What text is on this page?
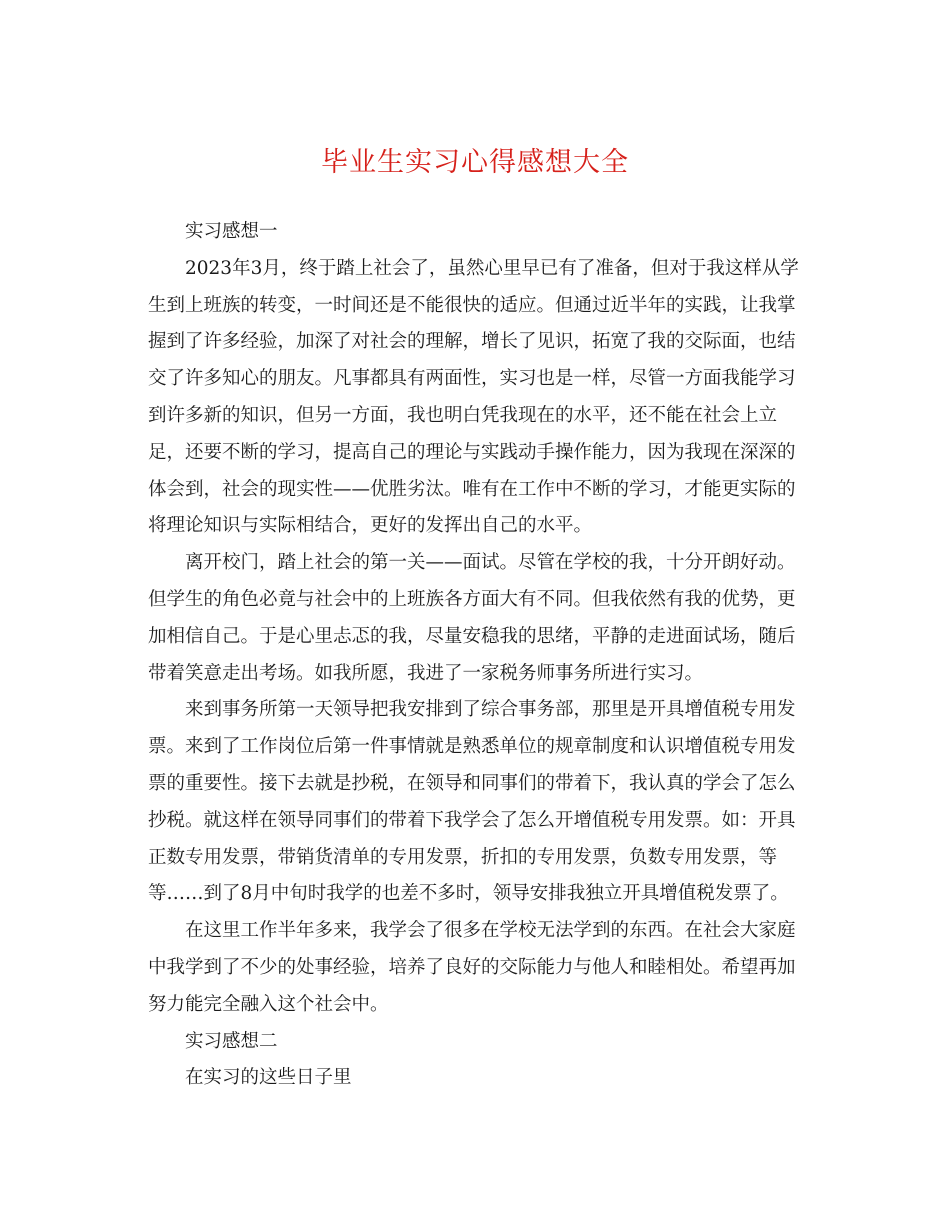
毕业生实习心得感想大全

实习感想一

2023年3月，终于踏上社会了，虽然心里早已有了准备，但对于我这样从学生到上班族的转变，一时间还是不能很快的适应。但通过近半年的实践，让我掌握到了许多经验，加深了对社会的理解，增长了见识，拓宽了我的交际面，也结交了许多知心的朋友。凡事都具有两面性，实习也是一样，尽管一方面我能学习到许多新的知识，但另一方面，我也明白凭我现在的水平，还不能在社会上立足，还要不断的学习，提高自己的理论与实践动手操作能力，因为我现在深深的体会到，社会的现实性——优胜劣汰。唯有在工作中不断的学习，才能更实际的将理论知识与实际相结合，更好的发挥出自己的水平。

离开校门，踏上社会的第一关——面试。尽管在学校的我，十分开朗好动。但学生的角色必竟与社会中的上班族各方面大有不同。但我依然有我的优势，更加相信自己。于是心里忐忑的我，尽量安稳我的思绪，平静的走进面试场，随后带着笑意走出考场。如我所愿，我进了一家税务师事务所进行实习。

来到事务所第一天领导把我安排到了综合事务部，那里是开具增值税专用发票。来到了工作岗位后第一件事情就是熟悉单位的规章制度和认识增值税专用发票的重要性。接下去就是抄税，在领导和同事们的带着下，我认真的学会了怎么抄税。就这样在领导同事们的带着下我学会了怎么开增值税专用发票。如：开具正数专用发票，带销货清单的专用发票，折扣的专用发票，负数专用发票，等等……到了8月中旬时我学的也差不多时，领导安排我独立开具增值税发票了。

在这里工作半年多来，我学会了很多在学校无法学到的东西。在社会大家庭中我学到了不少的处事经验，培养了良好的交际能力与他人和睦相处。希望再加努力能完全融入这个社会中。

实习感想二

在实习的这些日子里
